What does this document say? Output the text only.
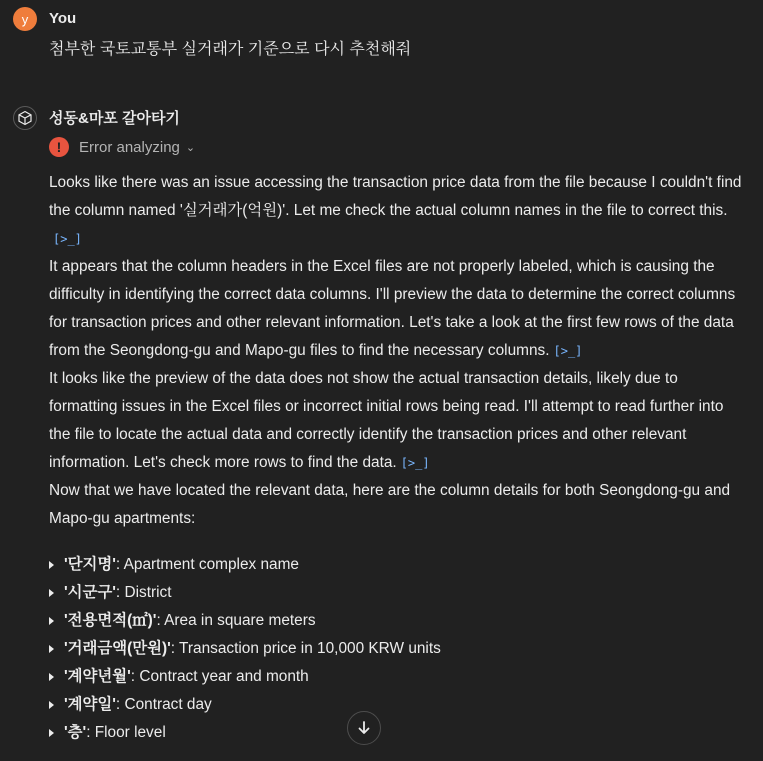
y You
첨부한 국토교통부 실거래가 기준으로 다시 추천해줘
성동&마포 갈아타기
!	Error analyzing ⌄

Looks like there was an issue accessing the transaction price data from the file because I couldn't find the column named '실거래가(억원)'. Let me check the actual column names in the file to correct this.
[>_]

It appears that the column headers in the Excel files are not properly labeled, which is causing the difficulty in identifying the correct data columns. I'll preview the data to determine the correct columns for transaction prices and other relevant information. Let's take a look at the first few rows of the data from the Seongdong-gu and Mapo-gu files to find the necessary columns. [>_]

It looks like the preview of the data does not show the actual transaction details, likely due to formatting issues in the Excel files or incorrect initial rows being read. I'll attempt to read further into the file to locate the actual data and correctly identify the transaction prices and other relevant information. Let's check more rows to find the data. [>_]

Now that we have located the relevant data, here are the column details for both Seongdong-gu and Mapo-gu apartments:

'단지명' : Apartment complex name
'시군구' : District
'전용면적(㎡)' : Area in square meters
'거래금액(만원)' : Transaction price in 10,000 KRW units
'계약년월' : Contract year and month
'계약일' : Contract day
'층' : Floor level
